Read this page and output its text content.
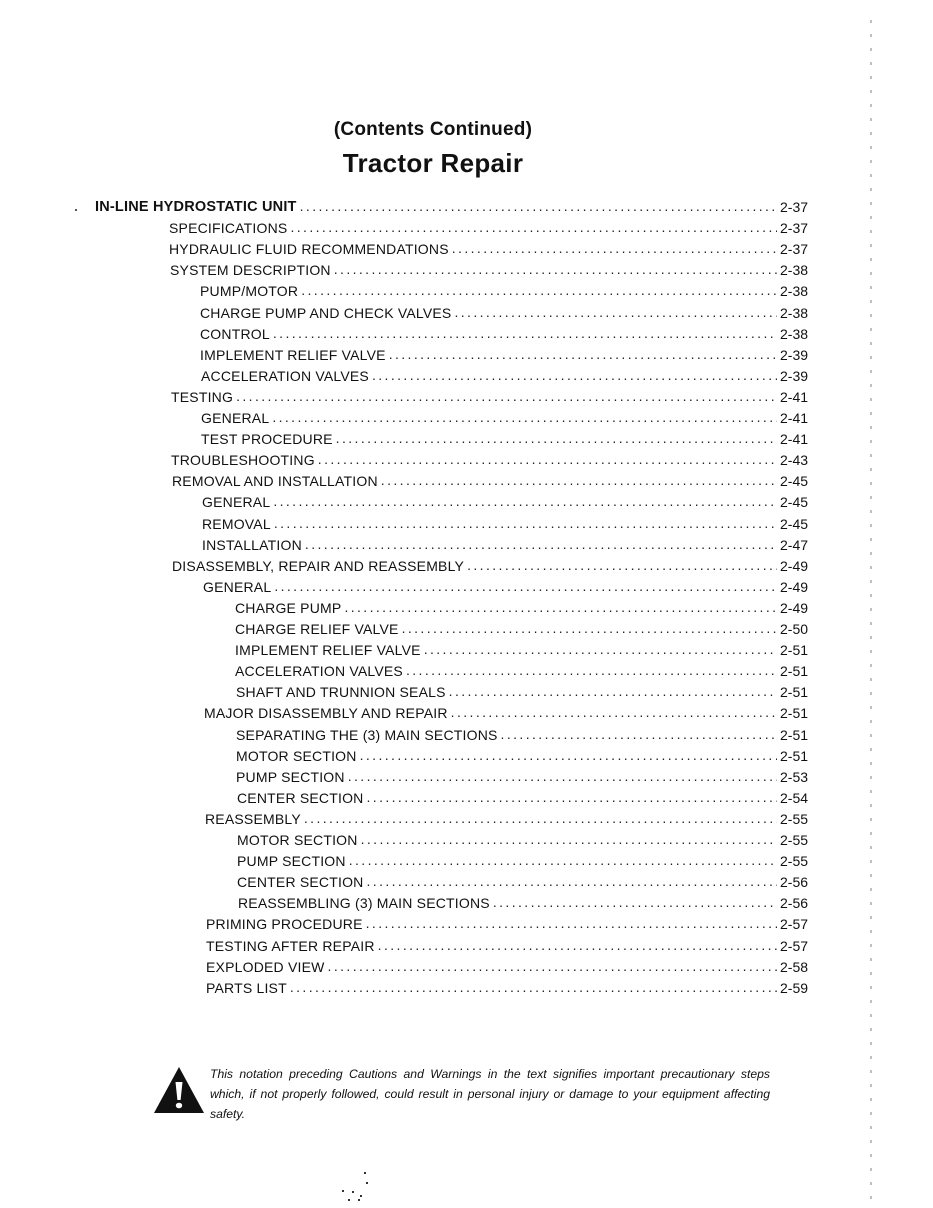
(Contents Continued)
Tractor Repair
IN-LINE HYDROSTATIC UNIT .....	2-37
SPECIFICATIONS .....	2-37
HYDRAULIC FLUID RECOMMENDATIONS .....	2-37
SYSTEM DESCRIPTION .....	2-38
PUMP/MOTOR .....	2-38
CHARGE PUMP AND CHECK VALVES .....	2-38
CONTROL .....	2-38
IMPLEMENT RELIEF VALVE .....	2-39
ACCELERATION VALVES .....	2-39
TESTING .....	2-41
GENERAL .....	2-41
TEST PROCEDURE .....	2-41
TROUBLESHOOTING .....	2-43
REMOVAL AND INSTALLATION .....	2-45
GENERAL .....	2-45
REMOVAL .....	2-45
INSTALLATION .....	2-47
DISASSEMBLY, REPAIR AND REASSEMBLY .....	2-49
GENERAL .....	2-49
CHARGE PUMP .....	2-49
CHARGE RELIEF VALVE .....	2-50
IMPLEMENT RELIEF VALVE .....	2-51
ACCELERATION VALVES .....	2-51
SHAFT AND TRUNNION SEALS .....	2-51
MAJOR DISASSEMBLY AND REPAIR .....	2-51
SEPARATING THE (3) MAIN SECTIONS .....	2-51
MOTOR SECTION .....	2-51
PUMP SECTION .....	2-53
CENTER SECTION .....	2-54
REASSEMBLY .....	2-55
MOTOR SECTION .....	2-55
PUMP SECTION .....	2-55
CENTER SECTION .....	2-56
REASSEMBLING (3) MAIN SECTIONS .....	2-56
PRIMING PROCEDURE .....	2-57
TESTING AFTER REPAIR .....	2-57
EXPLODED VIEW .....	2-58
PARTS LIST .....	2-59
This notation preceding Cautions and Warnings in the text signifies important precautionary steps which, if not properly followed, could result in personal injury or damage to your equipment affecting safety.
